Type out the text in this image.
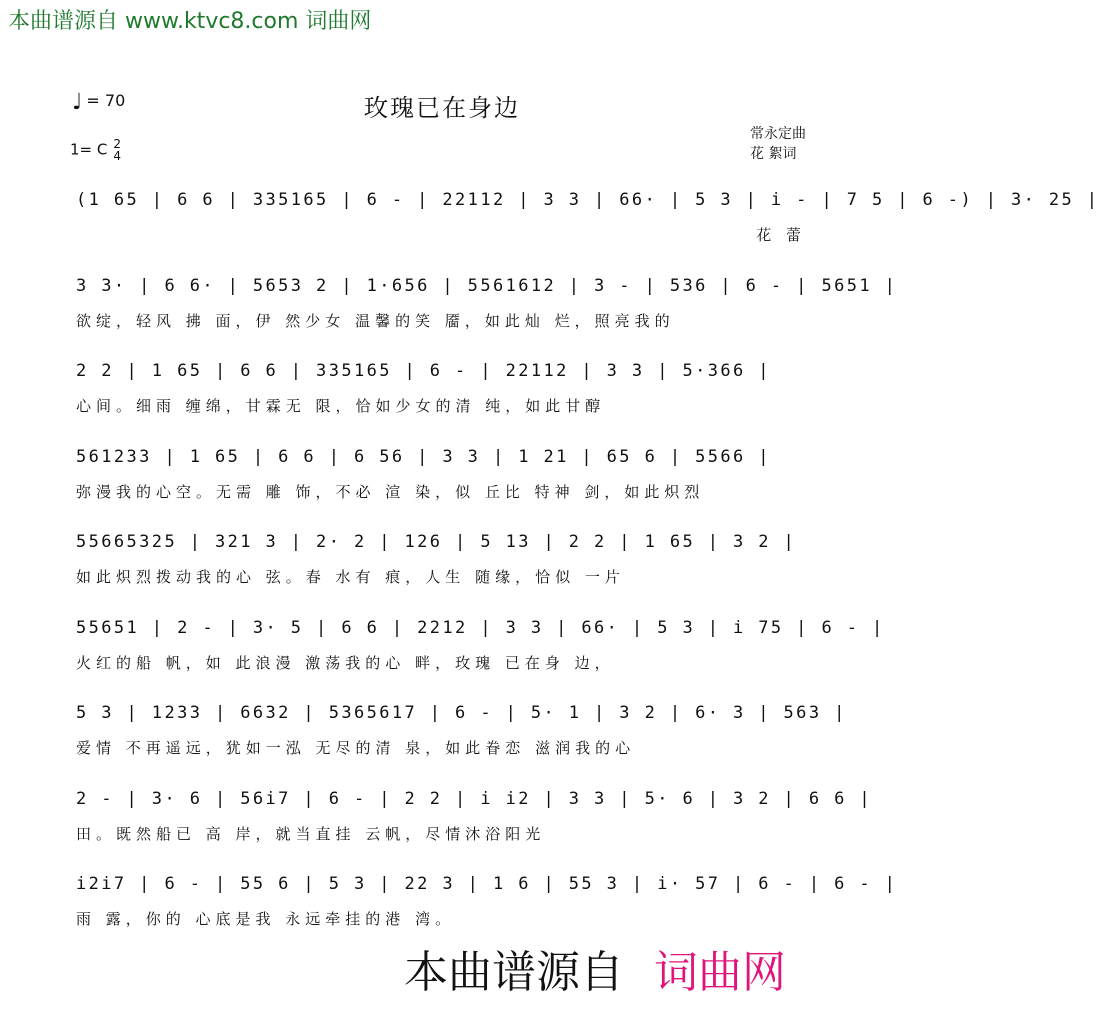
本曲谱源自 www.ktvc8.com 词曲网
♩ = 70	玫瑰已在身边
1= C 2
4
常永定曲
花 絮词
(1 65 | 6 6 | 335165 | 6 - | 22112 | 3 3 | 66· | 5 3 | i - | 7 5 | 6 -) | 3· 25 |
花 蕾
3 3· | 6 6· | 5653 2 | 1·656 | 5561612 | 3 - | 536 | 6 - | 5651 |
欲绽，轻风 拂 面，伊 然少女 温馨的笑 靥，如此灿 烂，照亮我的
2 2 | 1 65 | 6 6 | 335165 | 6 - | 22112 | 3 3 | 5·366 |
心间。细雨 缠绵，甘霖无 限，恰如少女的清 纯，如此甘醇
561233 | 1 65 | 6 6 | 6 56 | 3 3 | 1 21 | 65 6 | 5566 |
弥漫我的心空。无需 雕 饰，不必 渲 染，似 丘比 特神 剑，如此炽烈
55665325 | 321 3 | 2· 2 | 126 | 5 13 | 2 2 | 1 65 | 3 2 |
如此炽烈拨动我的心 弦。春 水有 痕，人生 随缘，恰似 一片
55651 | 2 - | 3· 5 | 6 6 | 2212 | 3 3 | 66· | 5 3 | i 75 | 6 - |
火红的船 帆，如 此浪漫 激荡我的心 畔，玫瑰 已在身 边，
5 3 | 1233 | 6632 | 5365617 | 6 - | 5· 1 | 3 2 | 6· 3 | 563 |
爱情 不再遥远，犹如一泓 无尽的清 泉，如此眷恋 滋润我的心
2 - | 3· 6 | 56i7 | 6 - | 2 2 | i i2 | 3 3 | 5· 6 | 3 2 | 6 6 |
田。既然船已 高 岸，就当直挂 云帆，尽情沐浴阳光
i2i7 | 6 - | 55 6 | 5 3 | 22 3 | 1 6 | 55 3 | i· 57 | 6 - | 6 - |
雨 露，你的 心底是我 永远牵挂的港 湾。
本曲谱源自 词曲网
